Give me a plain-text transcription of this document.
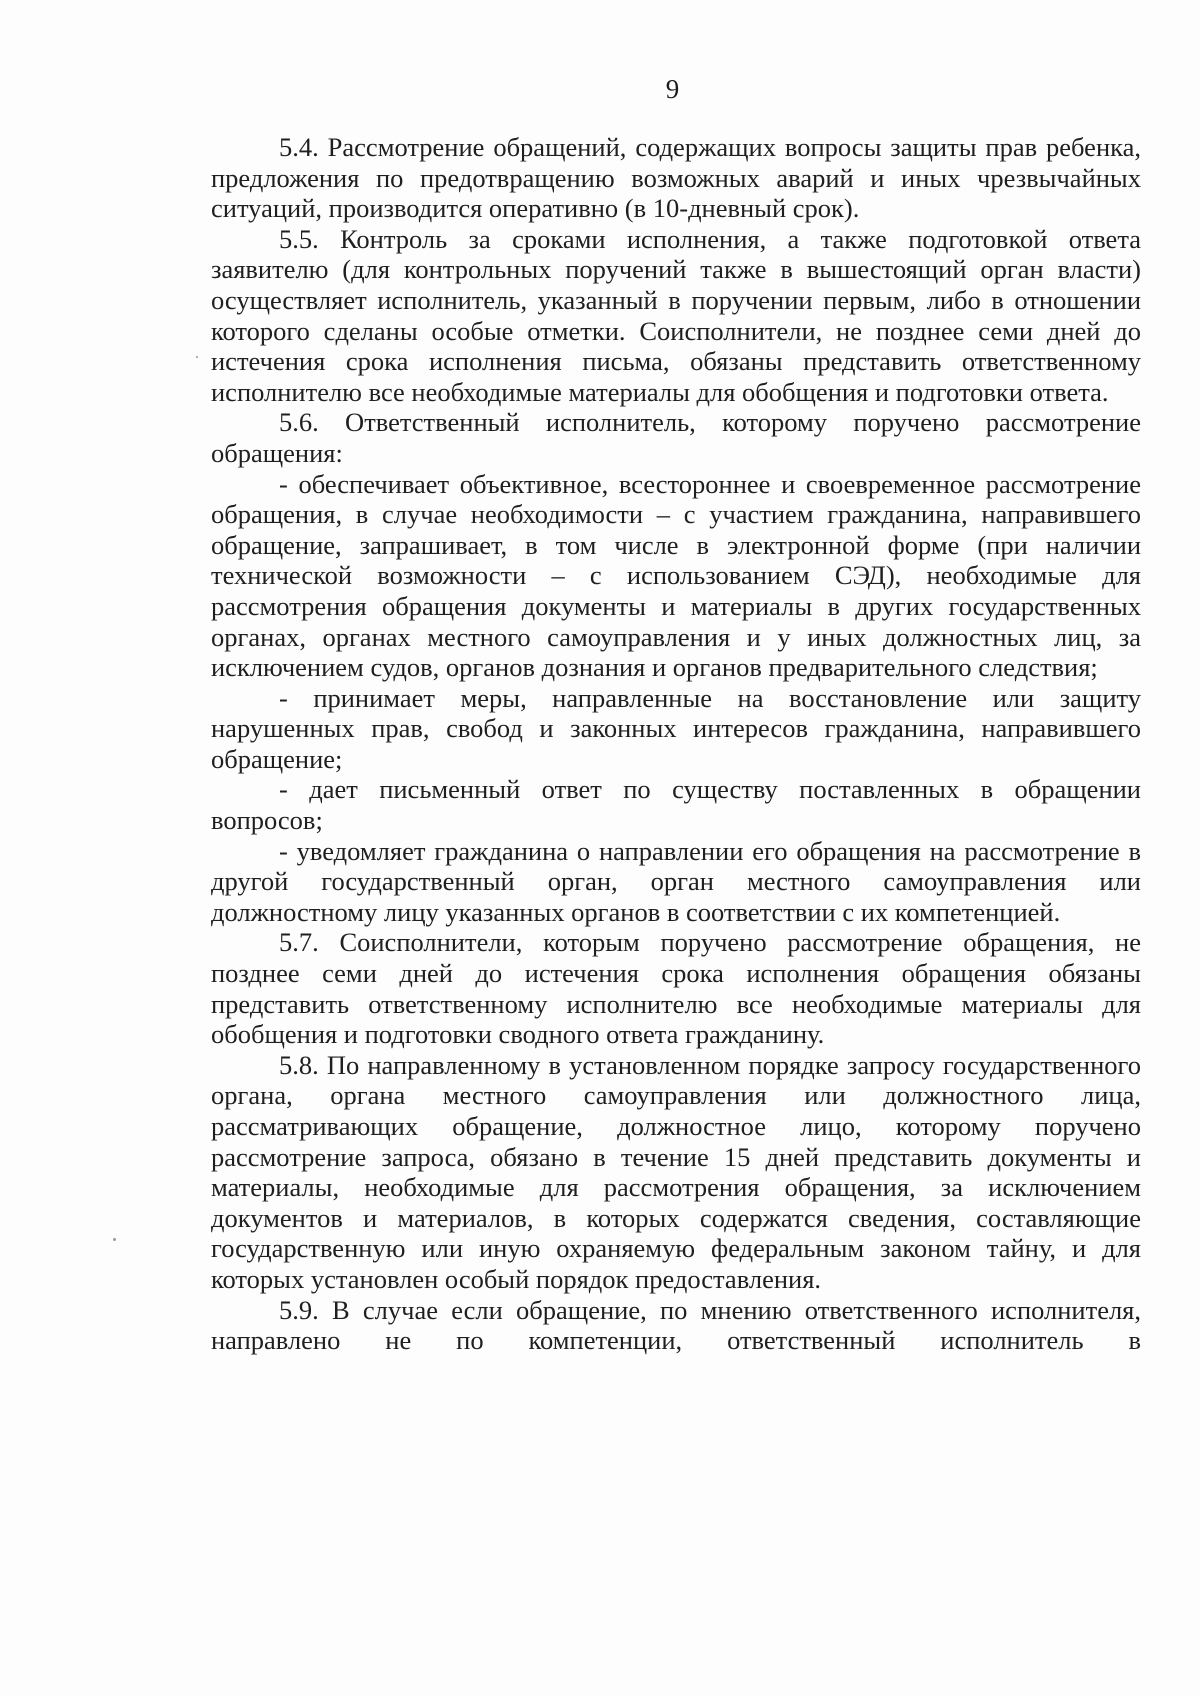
9

5.4. Рассмотрение обращений, содержащих вопросы защиты прав ребенка, предложения по предотвращению возможных аварий и иных чрезвычайных ситуаций, производится оперативно (в 10-дневный срок).

5.5. Контроль за сроками исполнения, а также подготовкой ответа заявителю (для контрольных поручений также в вышестоящий орган власти) осуществляет исполнитель, указанный в поручении первым, либо в отношении которого сделаны особые отметки. Соисполнители, не позднее семи дней до истечения срока исполнения письма, обязаны представить ответственному исполнителю все необходимые материалы для обобщения и подготовки ответа.

5.6. Ответственный исполнитель, которому поручено рассмотрение обращения:

- обеспечивает объективное, всестороннее и своевременное рассмотрение обращения, в случае необходимости – с участием гражданина, направившего обращение, запрашивает, в том числе в электронной форме (при наличии технической возможности – с использованием СЭД), необходимые для рассмотрения обращения документы и материалы в других государственных органах, органах местного самоуправления и у иных должностных лиц, за исключением судов, органов дознания и органов предварительного следствия;

- принимает меры, направленные на восстановление или защиту нарушенных прав, свобод и законных интересов гражданина, направившего обращение;

- дает письменный ответ по существу поставленных в обращении вопросов;

- уведомляет гражданина о направлении его обращения на рассмотрение в другой государственный орган, орган местного самоуправления или должностному лицу указанных органов в соответствии с их компетенцией.

5.7. Соисполнители, которым поручено рассмотрение обращения, не позднее семи дней до истечения срока исполнения обращения обязаны представить ответственному исполнителю все необходимые материалы для обобщения и подготовки сводного ответа гражданину.

5.8. По направленному в установленном порядке запросу государственного органа, органа местного самоуправления или должностного лица, рассматривающих обращение, должностное лицо, которому поручено рассмотрение запроса, обязано в течение 15 дней представить документы и материалы, необходимые для рассмотрения обращения, за исключением документов и материалов, в которых содержатся сведения, составляющие государственную или иную охраняемую федеральным законом тайну, и для которых установлен особый порядок предоставления.

5.9. В случае если обращение, по мнению ответственного исполнителя, направлено не по компетенции, ответственный исполнитель в
